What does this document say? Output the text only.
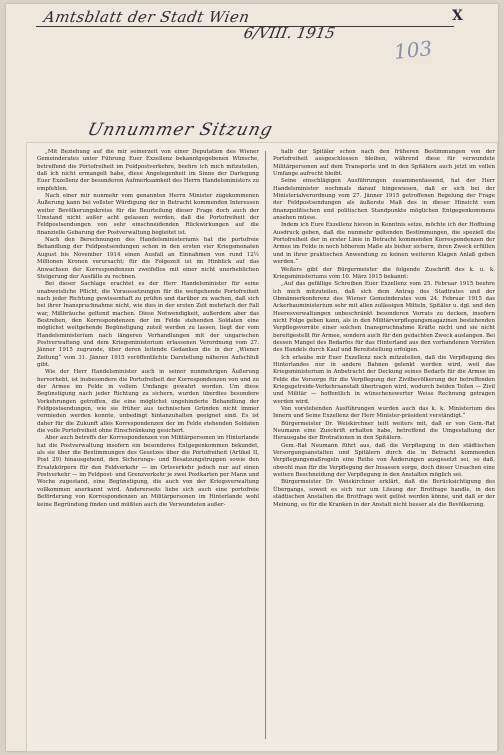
Amtsblatt der Stadt Wien
6/VIII. 1915
X
103
Unnummer Sitzung

„Mit Beziehung auf die mir seinerzeit von einer Deputation des Wiener Gemeinderates unter Führung Euer Exzellenz bekanntgegebenen Wünsche, betreffend die Portofreiheit im Feldpostverkehre, beehre ich mich mitzuteilen, daß ich nicht ermangelt habe, diese Angelegenheit im Sinne der Darlegung Euer Exzellenz der besonderen Aufmerksamkeit des Herrn Handelsministers zu empfehlen.

Nach einer mir nunmehr vom genannten Herrn Minister zugekommenen Äußerung kann bei vollster Würdigung der in Betracht kommenden Interessen weiter Bevölkerungskreise für die Beurteilung dieser Frage doch auch der Umstand nicht außer acht gelassen werden, daß die Portofreiheit der Feldpostsendungen von sehr einschneidenden Rückwirkungen auf die finanzielle Gebarung der Postverwaltung begleitet ist.

Nach den Berechnungen des Handelsministeriums hat die portofreie Behandlung der Feldpostsendungen schon in den ersten vier Kriegsmonaten August bis November 1914 einen Ausfall an Einnahmen von rund 12½ Millionen Kronen verursacht; für die Folgezeit ist im Hinblick auf das Anwachsen der Korrespondenzen zweifellos mit einer nicht unerheblichen Steigerung der Ausfälle zu rechnen.

Bei dieser Sachlage erachtet es der Herr Handelsminister für seine unabweisliche Pflicht, die Voraussetzungen für die weitgehende Portofreiheit nach jeder Richtung gewissenhaft zu prüfen und darüber zu wachen, daß sich bei ihrer Inanspruchnahme nicht, wie dies in der ersten Zeit mehrfach der Fall war, Mißbräuche geltend machen. Diese Notwendigkeit, außerdem aber das Bestreben, den Korrespondenzen der im Felde stehenden Soldaten eine möglichst weitgehende Begünstigung zuteil werden zu lassen, liegt der vom Handelsministerium nach längeren Verhandlungen mit der ungarischen Postverwaltung und dem Kriegsministerium erlassenen Verordnung vom 27. Jänner 1915 zugrunde, über deren leitende Gedanken die in der „Wiener Zeitung“ vom 31. Jänner 1915 veröffentlichte Darstellung näheren Aufschluß gibt.

Wie der Herr Handelsminister auch in seiner nunmehrigen Äußerung hervorhebt, ist insbesondere die Portofreiheit der Korrespondenzen von und zu der Armee im Felde in vollem Umfange gewahrt worden. Um diese Begünstigung nach jeder Richtung zu sichern, wurden überdies besondere Vorkehrungen getroffen, die eine möglichst ungehinderte Behandlung der Feldpostsendungen, wie sie früher aus technischen Gründen nicht immer vermieden werden konnte, unbedingt hintanzuhalten geeignet sind. Es ist daher für die Zukunft alles Korrespondenzen der im Felde stehenden Soldaten die volle Portofreiheit ohne Einschränkung gesichert.

Aber auch betreffs der Korrespondenzen von Militärpersonen im Hinterlande hat die Postverwaltung insofern ein besonderes Entgegenkommen bekundet, als sie über die Bestimmungen des Gesetzes über die Portofreiheit (Artikel II, Post 29) hinausgehend, den Sicherungs- und Besatzungstruppen sowie den Ersatzkörpern für den Feldverkehr — im Ortsverkehr jedoch nur auf einen Postverkehr — im Feldpost- und Grenzverkehr je zwei Postkarten per Mann und Woche zugestand, eine Begünstigung, die auch von der Kriegsverwaltung vollkommen anerkannt wird. Andererseits liebe sich auch eine portofreie Beförderung von Korrespondenzen an Militärpersonen im Hinterlande wohl keine Begründung finden und müßten auch die Verwundeten außer-

halb der Spitäler schon nach den früheren Bestimmungen von der Portofreiheit ausgeschlossen bleiben, während diese für verwundete Militärpersonen auf dem Transporte und in den Spitälern auch jetzt im vollen Umfange aufrecht bleibt.

Seine einschlägigen Ausführungen zusammenfassend, hat der Herr Handelsminister nochmals darauf hingewiesen, daß er sich bei der Ministerialverordnung vom 27. Jänner 1915 getroffenen Regelung der Frage der Feldpostsendungen als äußerste Maß des in dieser Hinsicht vom finanzpolitischen und politischen Standpunkte möglichen Entgegenkommens ansehen müsse.

Indem ich Eure Exzellenz hievon in Kenntnis setze, möchte ich der Hoffnung Ausdruck geben, daß die nunmehr geltenden Bestimmungen, die speziell die Portofreiheit der in erster Linie in Betracht kommenden Korrespondenzen der Armee im Felde in noch höherem Maße als bisher sichern, ihren Zweck erfüllen und in ihrer praktischen Anwendung zu keinen weiteren Klagen Anlaß geben werden.“

Weiters gibt der Bürgermeister die folgende Zuschrift des k. u. k. Kriegsministeriums vom 10. März 1915 bekannt:

„Auf das gefällige Schreiben Euer Exzellenz vom 25. Februar 1915 beehre ich mich mitzuteilen, daß sich dem Antrag des Stadtrates und der Obmännerkonferenz des Wiener Gemeinderates vom 24. Februar 1915 das Ackerbauministerium sehr mit allen zulässigen Mitteln, Spitäler u. dgl. und den Heeresverwaltungen unbeschränkt besonderen Vorrats zu decken, insofern nicht Folge geben kann, als in den Militärverpflegungsmagazinen bestehenden Verpflegsvorräte einer solchen Inanspruchnahme Kräfte nicht und sie nicht bereitgestellt für Armee, sondern auch für den gedachten Zweck auslangen. Bei dessen Mangel des Bedarfes für das Hinterland aus den vorhandenen Vorräten des Handels durch Kauf und Bereitstellung erfolgen.

Ich erlaube mir Euer Exzellenz noch mitzuteilen, daß die Verpflegung des Hinterlandes nur in andere Bahnen gelenkt werden wird, weil das Kriegsministerium in Anbetracht der Deckung seines Bedarfs für die Armee im Felde die Vorsorge für die Verpflegung der Zivilbevölkerung der betreffenden Kriegsgetreide-Verkehrsanstalt übertragen wird, wodurch beiden Teilen — Zivil und Militär — hoffentlich in wünschenswerter Weise Rechnung getragen werden wird.

Von vorstehenden Ausführungen wurden auch das k. k. Ministerium des Innern und Seine Exzellenz der Herr Minister-präsident verständigt.“

Bürgermeister Dr. Weiskirchner teilt weiters mit, daß er von Gem.-Rat Neumann eine Zuschrift erhalten habe, betreffend die Umgestaltung der Herausgabe der Brotrationen in den Spitälern.

Gem.-Rat Neumann führt aus, daß die Verpflegung in den städtischen Versorgungsanstalten und Spitälern durch die in Betracht kommenden Verpflegungsmaßregeln eine Reihe von Änderungen ausgesetzt sei, so daß, obwohl man für die Verpflegung der Insassen sorge, doch dieser Ursachen eine weitere Beschneidung der Verpflegung in den Anstalten möglich sei.

Bürgermeister Dr. Weiskirchner erklärt, daß die Berücksichtigung des Übergangs, soweit es sich nur um Lösung der Brotfrage handle, in den städtischen Anstalten die Brotfrage weit gelöst werden könne, und daß er der Meinung, es für die Kranken in der Anstalt nicht besser als die Bevölkerung.
